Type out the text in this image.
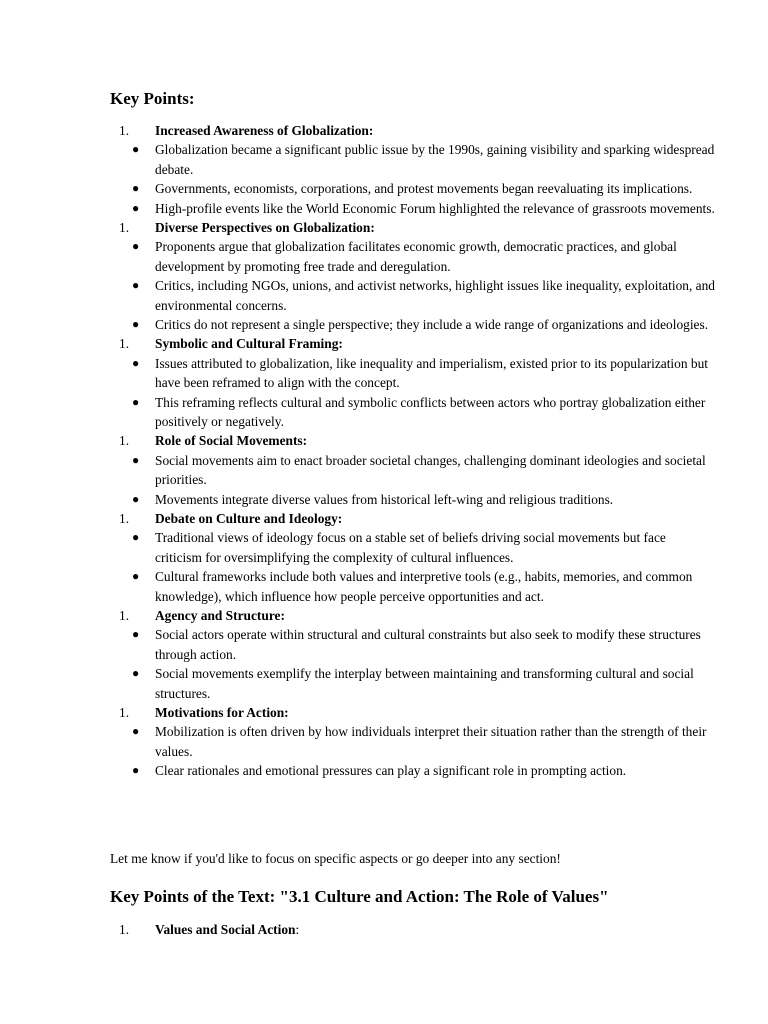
Key Points:
1.	Increased Awareness of Globalization:
● Globalization became a significant public issue by the 1990s, gaining visibility and sparking widespread debate.
● Governments, economists, corporations, and protest movements began reevaluating its implications.
● High-profile events like the World Economic Forum highlighted the relevance of grassroots movements.
1.	Diverse Perspectives on Globalization:
● Proponents argue that globalization facilitates economic growth, democratic practices, and global development by promoting free trade and deregulation.
● Critics, including NGOs, unions, and activist networks, highlight issues like inequality, exploitation, and environmental concerns.
● Critics do not represent a single perspective; they include a wide range of organizations and ideologies.
1.	Symbolic and Cultural Framing:
● Issues attributed to globalization, like inequality and imperialism, existed prior to its popularization but have been reframed to align with the concept.
● This reframing reflects cultural and symbolic conflicts between actors who portray globalization either positively or negatively.
1.	Role of Social Movements:
● Social movements aim to enact broader societal changes, challenging dominant ideologies and societal priorities.
● Movements integrate diverse values from historical left-wing and religious traditions.
1.	Debate on Culture and Ideology:
● Traditional views of ideology focus on a stable set of beliefs driving social movements but face criticism for oversimplifying the complexity of cultural influences.
● Cultural frameworks include both values and interpretive tools (e.g., habits, memories, and common knowledge), which influence how people perceive opportunities and act.
1.	Agency and Structure:
● Social actors operate within structural and cultural constraints but also seek to modify these structures through action.
● Social movements exemplify the interplay between maintaining and transforming cultural and social structures.
1.	Motivations for Action:
● Mobilization is often driven by how individuals interpret their situation rather than the strength of their values.
● Clear rationales and emotional pressures can play a significant role in prompting action.

Let me know if you'd like to focus on specific aspects or go deeper into any section!

Key Points of the Text: "3.1 Culture and Action: The Role of Values"
1.	Values and Social Action :
